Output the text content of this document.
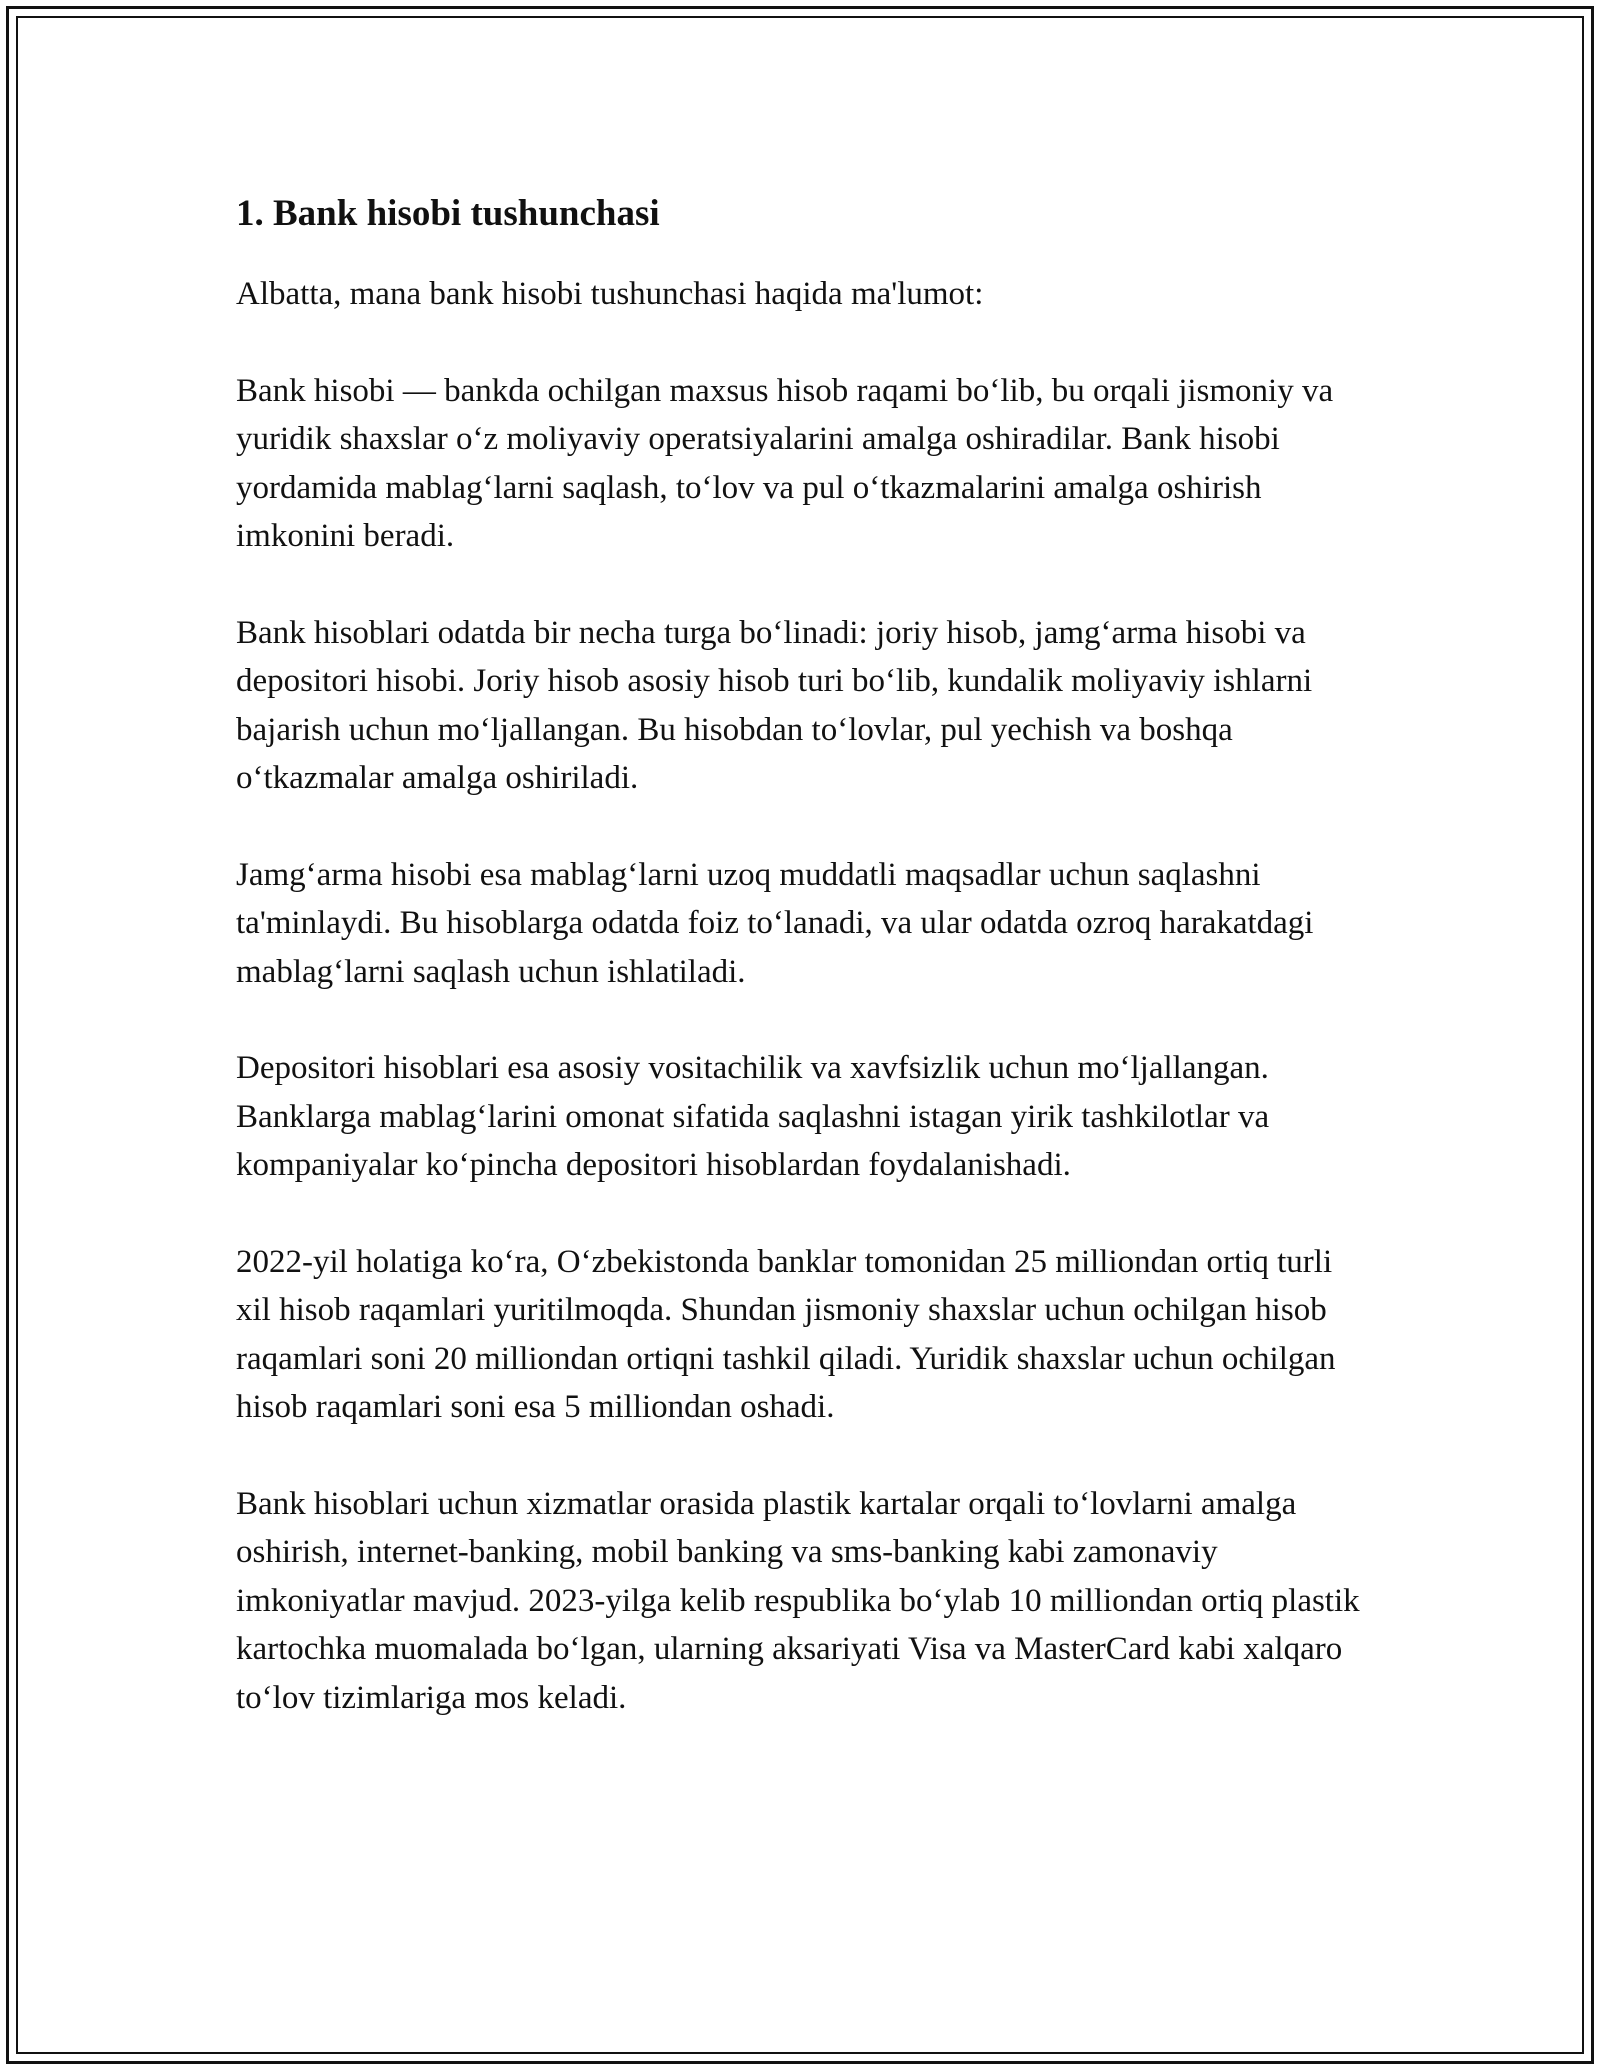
1. Bank hisobi tushunchasi

Albatta, mana bank hisobi tushunchasi haqida ma'lumot:

Bank hisobi — bankda ochilgan maxsus hisob raqami boʻlib, bu orqali jismoniy va yuridik shaxslar oʻz moliyaviy operatsiyalarini amalga oshiradilar. Bank hisobi yordamida mablagʻlarni saqlash, toʻlov va pul oʻtkazmalarini amalga oshirish imkonini beradi.

Bank hisoblari odatda bir necha turga boʻlinadi: joriy hisob, jamgʻarma hisobi va depositori hisobi. Joriy hisob asosiy hisob turi boʻlib, kundalik moliyaviy ishlarni bajarish uchun moʻljallangan. Bu hisobdan toʻlovlar, pul yechish va boshqa oʻtkazmalar amalga oshiriladi.

Jamgʻarma hisobi esa mablagʻlarni uzoq muddatli maqsadlar uchun saqlashni ta'minlaydi. Bu hisoblarga odatda foiz toʻlanadi, va ular odatda ozroq harakatdagi mablagʻlarni saqlash uchun ishlatiladi.

Depositori hisoblari esa asosiy vositachilik va xavfsizlik uchun moʻljallangan. Banklarga mablagʻlarini omonat sifatida saqlashni istagan yirik tashkilotlar va kompaniyalar koʻpincha depositori hisoblardan foydalanishadi.

2022-yil holatiga koʻra, Oʻzbekistonda banklar tomonidan 25 milliondan ortiq turli xil hisob raqamlari yuritilmoqda. Shundan jismoniy shaxslar uchun ochilgan hisob raqamlari soni 20 milliondan ortiqni tashkil qiladi. Yuridik shaxslar uchun ochilgan hisob raqamlari soni esa 5 milliondan oshadi.

Bank hisoblari uchun xizmatlar orasida plastik kartalar orqali toʻlovlarni amalga oshirish, internet-banking, mobil banking va sms-banking kabi zamonaviy imkoniyatlar mavjud. 2023-yilga kelib respublika boʻylab 10 milliondan ortiq plastik kartochka muomalada boʻlgan, ularning aksariyati Visa va MasterCard kabi xalqaro toʻlov tizimlariga mos keladi.
